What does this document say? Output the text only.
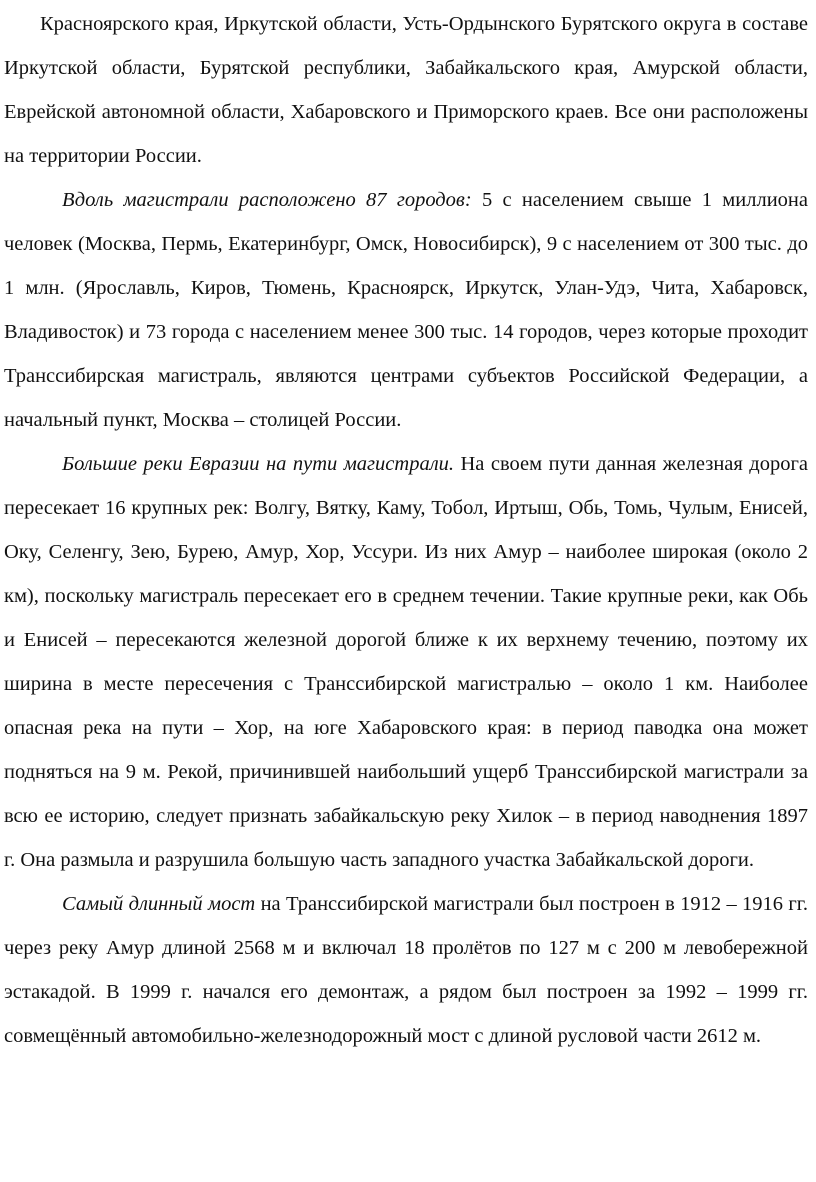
Красноярского края, Иркутской области, Усть-Ордынского Бурятского округа в составе Иркутской области, Бурятской республики, Забайкальского края, Амурской области, Еврейской автономной области, Хабаровского и Приморского краев. Все они расположены на территории России.

Вдоль магистрали расположено 87 городов: 5 с населением свыше 1 миллиона человек (Москва, Пермь, Екатеринбург, Омск, Новосибирск), 9 с населением от 300 тыс. до 1 млн. (Ярославль, Киров, Тюмень, Красноярск, Иркутск, Улан-Удэ, Чита, Хабаровск, Владивосток) и 73 города с населением менее 300 тыс. 14 городов, через которые проходит Транссибирская магистраль, являются центрами субъектов Российской Федерации, а начальный пункт, Москва – столицей России.

Большие реки Евразии на пути магистрали. На своем пути данная железная дорога пересекает 16 крупных рек: Волгу, Вятку, Каму, Тобол, Иртыш, Обь, Томь, Чулым, Енисей, Оку, Селенгу, Зею, Бурею, Амур, Хор, Уссури. Из них Амур – наиболее широкая (около 2 км), поскольку магистраль пересекает его в среднем течении. Такие крупные реки, как Обь и Енисей – пересекаются железной дорогой ближе к их верхнему течению, поэтому их ширина в месте пересечения с Транссибирской магистралью – около 1 км. Наиболее опасная река на пути – Хор, на юге Хабаровского края: в период паводка она может подняться на 9 м. Рекой, причинившей наибольший ущерб Транссибирской магистрали за всю ее историю, следует признать забайкальскую реку Хилок – в период наводнения 1897 г. Она размыла и разрушила большую часть западного участка Забайкальской дороги.

Самый длинный мост на Транссибирской магистрали был построен в 1912 – 1916 гг. через реку Амур длиной 2568 м и включал 18 пролётов по 127 м с 200 м левобережной эстакадой. В 1999 г. начался его демонтаж, а рядом был построен за 1992 – 1999 гг. совмещённый автомобильно-железнодорожный мост с длиной русловой части 2612 м.
